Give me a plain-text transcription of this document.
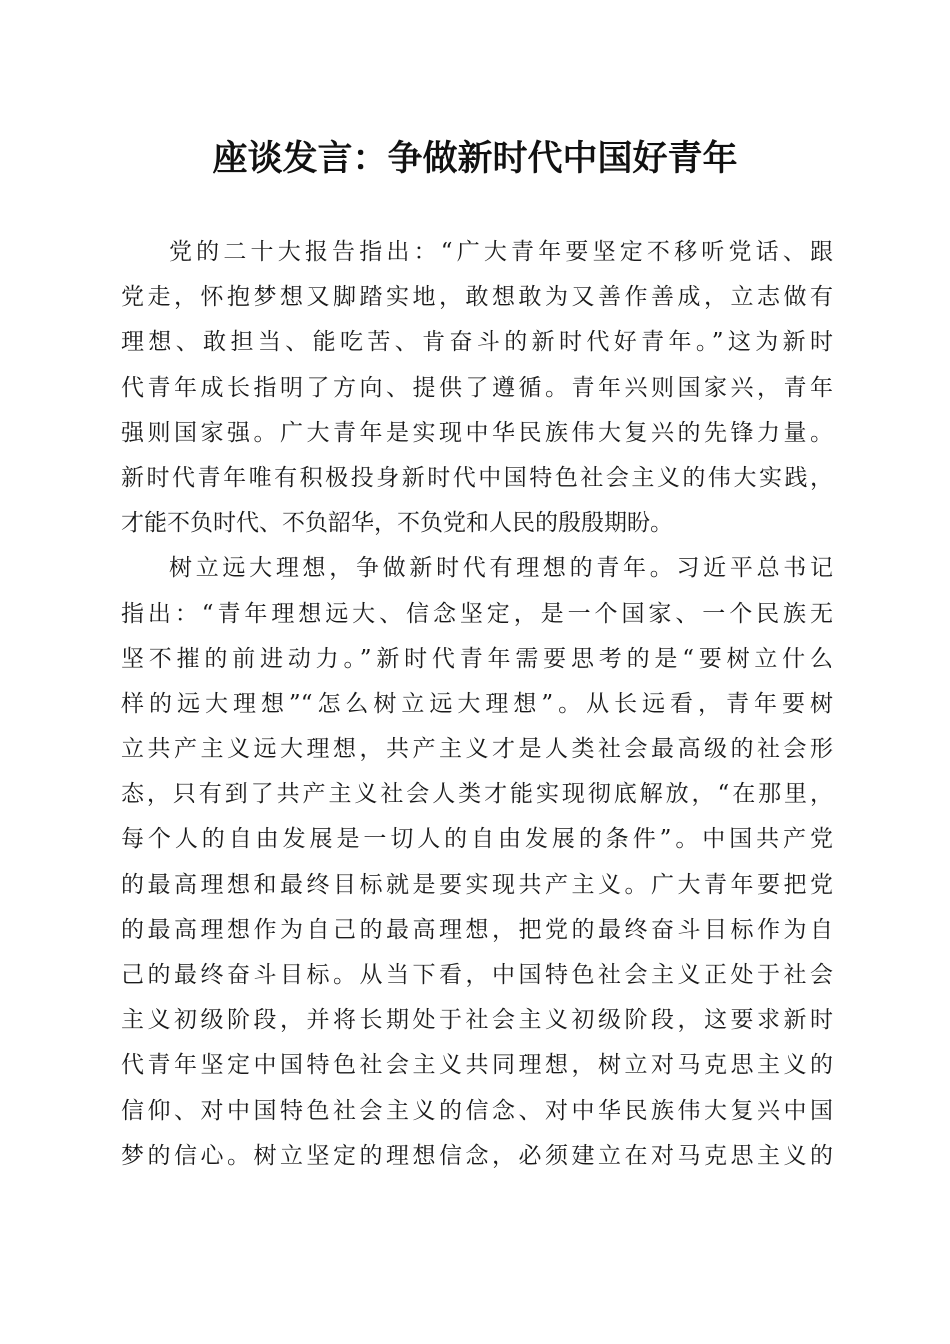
座谈发言：争做新时代中国好青年
党的二十大报告指出：“广大青年要坚定不移听党话、跟
党走，怀抱梦想又脚踏实地，敢想敢为又善作善成，立志做有
理想、敢担当、能吃苦、肯奋斗的新时代好青年。”这为新时
代青年成长指明了方向、提供了遵循。青年兴则国家兴，青年
强则国家强。广大青年是实现中华民族伟大复兴的先锋力量。
新时代青年唯有积极投身新时代中国特色社会主义的伟大实践，
才能不负时代、不负韶华，不负党和人民的殷殷期盼。
树立远大理想，争做新时代有理想的青年。习近平总书记
指出：“青年理想远大、信念坚定，是一个国家、一个民族无
坚不摧的前进动力。”新时代青年需要思考的是“要树立什么
样的远大理想”“怎么树立远大理想”。从长远看，青年要树
立共产主义远大理想，共产主义才是人类社会最高级的社会形
态，只有到了共产主义社会人类才能实现彻底解放，“在那里，
每个人的自由发展是一切人的自由发展的条件”。中国共产党
的最高理想和最终目标就是要实现共产主义。广大青年要把党
的最高理想作为自己的最高理想，把党的最终奋斗目标作为自
己的最终奋斗目标。从当下看，中国特色社会主义正处于社会
主义初级阶段，并将长期处于社会主义初级阶段，这要求新时
代青年坚定中国特色社会主义共同理想，树立对马克思主义的
信仰、对中国特色社会主义的信念、对中华民族伟大复兴中国
梦的信心。树立坚定的理想信念，必须建立在对马克思主义的
